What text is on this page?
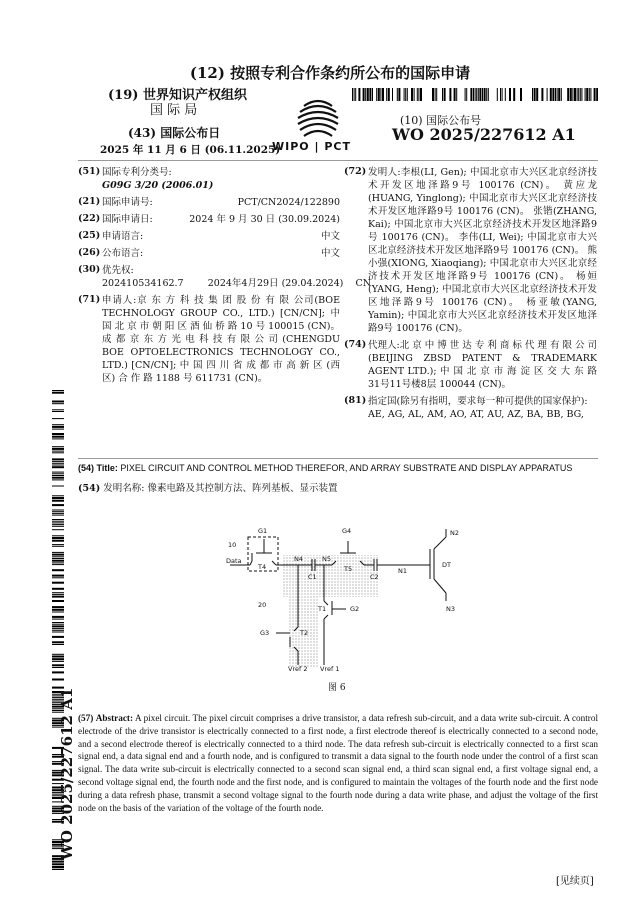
(12) 按照专利合作条约所公布的国际申请
(19) 世界知识产权组织
国 际 局
(43) 国际公布日
2025 年 11 月 6 日 (06.11.2025)
WIPO | PCT
(10) 国际公布号
WO 2025/227612 A1
(51) 国际专利分类号:
G09G 3/20 (2006.01)
(21) 国际申请号:	PCT/CN2024/122890
(22) 国际申请日:	2024 年 9 月 30 日 (30.09.2024)
(25) 申请语言:	中文
(26) 公布语言:	中文
(30) 优先权:
202410534162.7        2024年4月29日 (29.04.2024)    CN
(71) 申请人:京 东 方 科 技 集 团 股 份 有 限 公司(BOE TECHNOLOGY GROUP CO., LTD.) [CN/CN]; 中 国 北 京 市 朝 阳 区 酒 仙 桥 路 10 号 100015 (CN)。 成 都 京 东 方 光 电 科 技 有 限 公 司 (CHENGDU BOE OPTOELECTRONICS TECHNOLOGY CO., LTD.) [CN/CN]; 中 国 四 川 省 成 都 市 高 新 区 (西 区) 合 作 路 1188 号 611731 (CN)。
(72) 发明人:李根(LI, Gen); 中国北京市大兴区北京经济技术开发区地泽路9号 100176 (CN)。 黄应龙 (HUANG, Yinglong); 中国北京市大兴区北京经济技术开发区地泽路9号 100176 (CN)。 张锴(ZHANG, Kai); 中国北京市大兴区北京经济技术开发区地泽路9号 100176 (CN)。 李伟(LI, Wei); 中国北京市大兴区北京经济技术开发区地泽路9号 100176 (CN)。 熊小强(XIONG, Xiaoqiang); 中国北京市大兴区北京经济技术开发区地泽路9号 100176 (CN)。 杨姮(YANG, Heng); 中国北京市大兴区北京经济技术开发区地泽路9号 100176 (CN)。 杨亚敏(YANG, Yamin); 中国北京市大兴区北京经济技术开发区地泽路9号 100176 (CN)。
(74) 代理人:北 京 中 博 世 达 专 利 商 标 代 理 有 限 公 司 (BEIJING ZBSD PATENT & TRADEMARK AGENT LTD.); 中 国 北 京 市 海 淀 区 交 大 东 路 31号11号楼8层 100044 (CN)。
(81) 指定国(除另有指明，要求每一种可提供的国家保护): AE, AG, AL, AM, AO, AT, AU, AZ, BA, BB, BG,
(54) Title: PIXEL CIRCUIT AND CONTROL METHOD THEREFOR, AND ARRAY SUBSTRATE AND DISPLAY APPARATUS
(54) 发明名称: 像素电路及其控制方法、阵列基板、显示装置
G1	G4	N2
10
Data
T4
N4	N5
C1
T5
C2
N1
DT
N3
20	T1	G2
G3	T2
Vref 2 Vref 1
图 6
(57) Abstract: A pixel circuit. The pixel circuit comprises a drive transistor, a data refresh sub-circuit, and a data write sub-circuit. A control electrode of the drive transistor is electrically connected to a first node, a first electrode thereof is electrically connected to a second node, and a second electrode thereof is electrically connected to a third node. The data refresh sub-circuit is electrically connected to a first scan signal end, a data signal end and a fourth node, and is configured to transmit a data signal to the fourth node under the control of a first scan signal. The data write sub-circuit is electrically connected to a second scan signal end, a third scan signal end, a first voltage signal end, a second voltage signal end, the fourth node and the first node, and is configured to maintain the voltages of the fourth node and the first node during a data refresh phase, transmit a second voltage signal to the fourth node during a data write phase, and adjust the voltage of the first node on the basis of the variation of the voltage of the fourth node.
WO 2025/227612 A1
[见续页]
